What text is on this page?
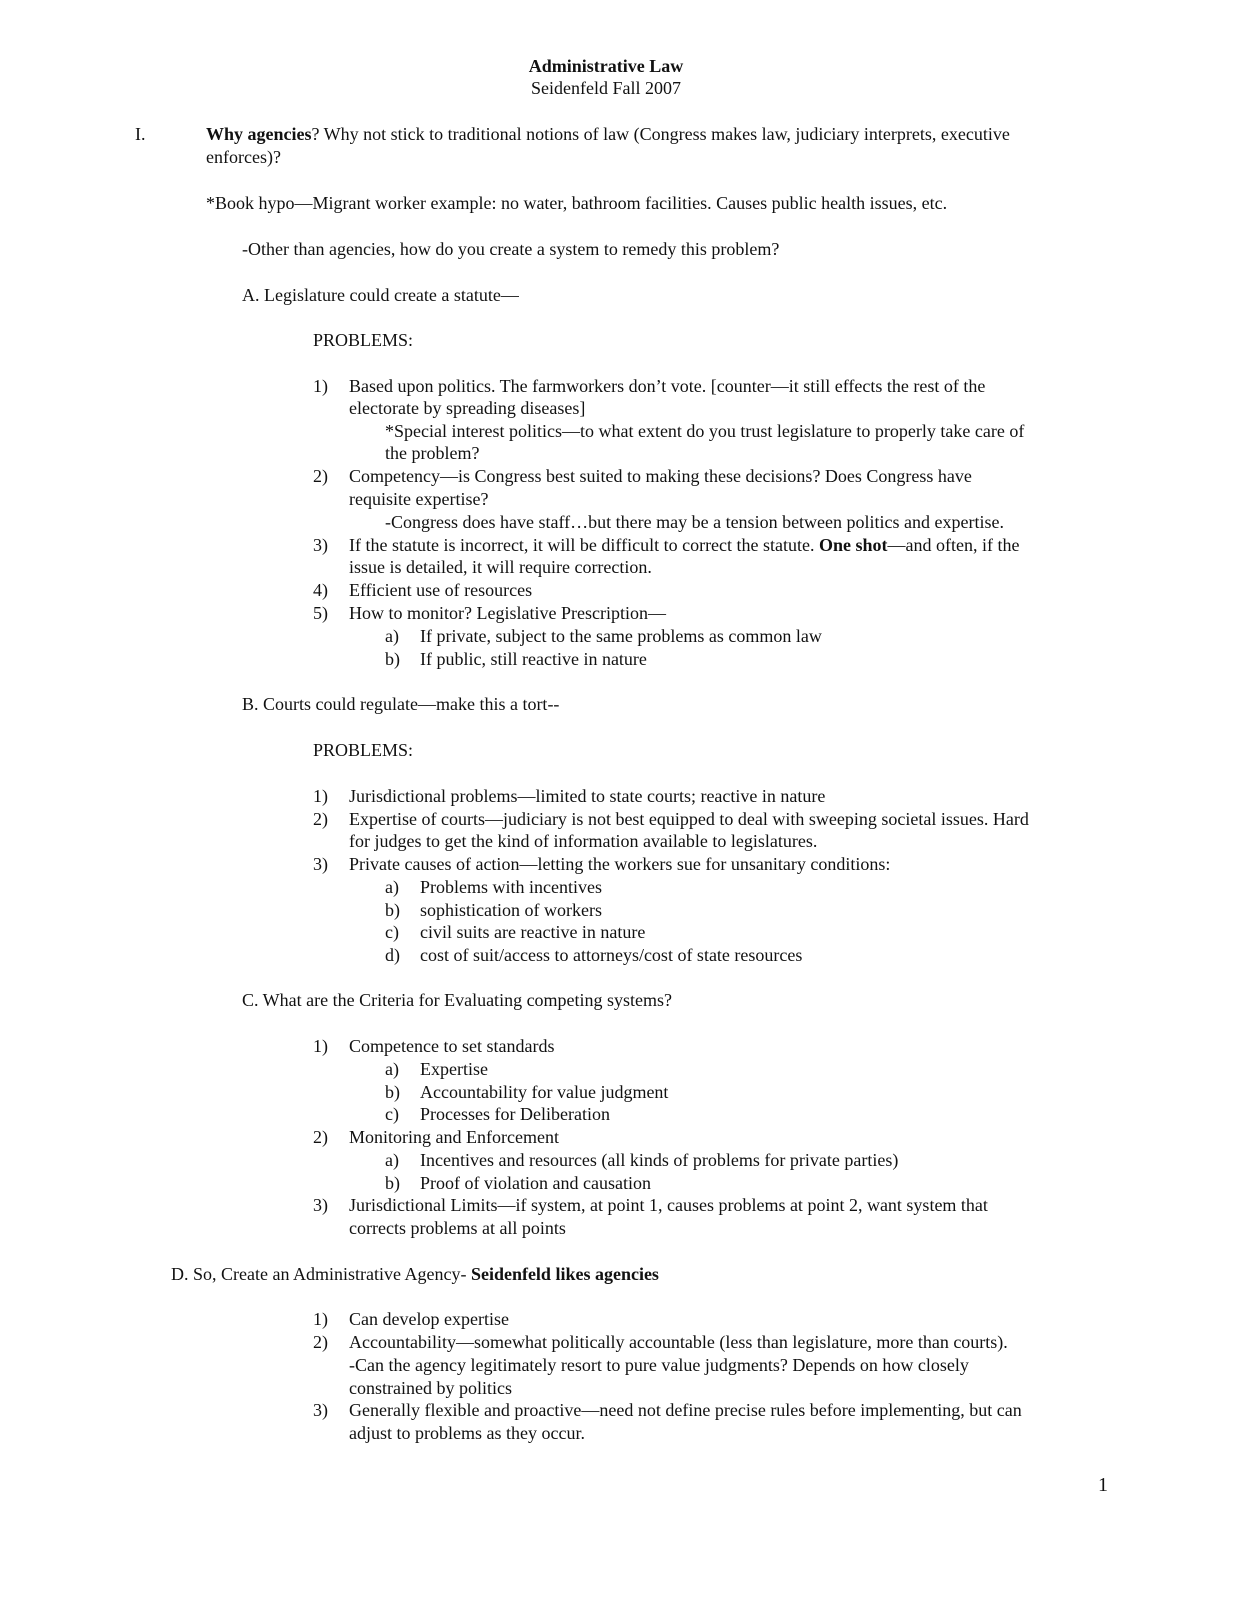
Administrative Law
Seidenfeld Fall 2007
I.	Why agencies? Why not stick to traditional notions of law (Congress makes law, judiciary interprets, executive
enforces)?
*Book hypo—Migrant worker example: no water, bathroom facilities. Causes public health issues, etc.
-Other than agencies, how do you create a system to remedy this problem?
A. Legislature could create a statute—
PROBLEMS:
1) Based upon politics. The farmworkers don’t vote. [counter—it still effects the rest of the
electorate by spreading diseases]
*Special interest politics—to what extent do you trust legislature to properly take care of
the problem?
2) Competency—is Congress best suited to making these decisions? Does Congress have
requisite expertise?
-Congress does have staff…but there may be a tension between politics and expertise.
3) If the statute is incorrect, it will be difficult to correct the statute. One shot—and often, if the
issue is detailed, it will require correction.
4) Efficient use of resources
5) How to monitor? Legislative Prescription—
a) If private, subject to the same problems as common law
b) If public, still reactive in nature
B. Courts could regulate—make this a tort--
PROBLEMS:
1) Jurisdictional problems—limited to state courts; reactive in nature
2) Expertise of courts—judiciary is not best equipped to deal with sweeping societal issues. Hard
for judges to get the kind of information available to legislatures.
3) Private causes of action—letting the workers sue for unsanitary conditions:
a) Problems with incentives
b) sophistication of workers
c) civil suits are reactive in nature
d) cost of suit/access to attorneys/cost of state resources
C. What are the Criteria for Evaluating competing systems?
1) Competence to set standards
a) Expertise
b) Accountability for value judgment
c) Processes for Deliberation
2) Monitoring and Enforcement
a) Incentives and resources (all kinds of problems for private parties)
b) Proof of violation and causation
3) Jurisdictional Limits—if system, at point 1, causes problems at point 2, want system that
corrects problems at all points
D. So, Create an Administrative Agency- Seidenfeld likes agencies
1) Can develop expertise
2) Accountability—somewhat politically accountable (less than legislature, more than courts).
-Can the agency legitimately resort to pure value judgments? Depends on how closely
constrained by politics
3) Generally flexible and proactive—need not define precise rules before implementing, but can
adjust to problems as they occur.
1
